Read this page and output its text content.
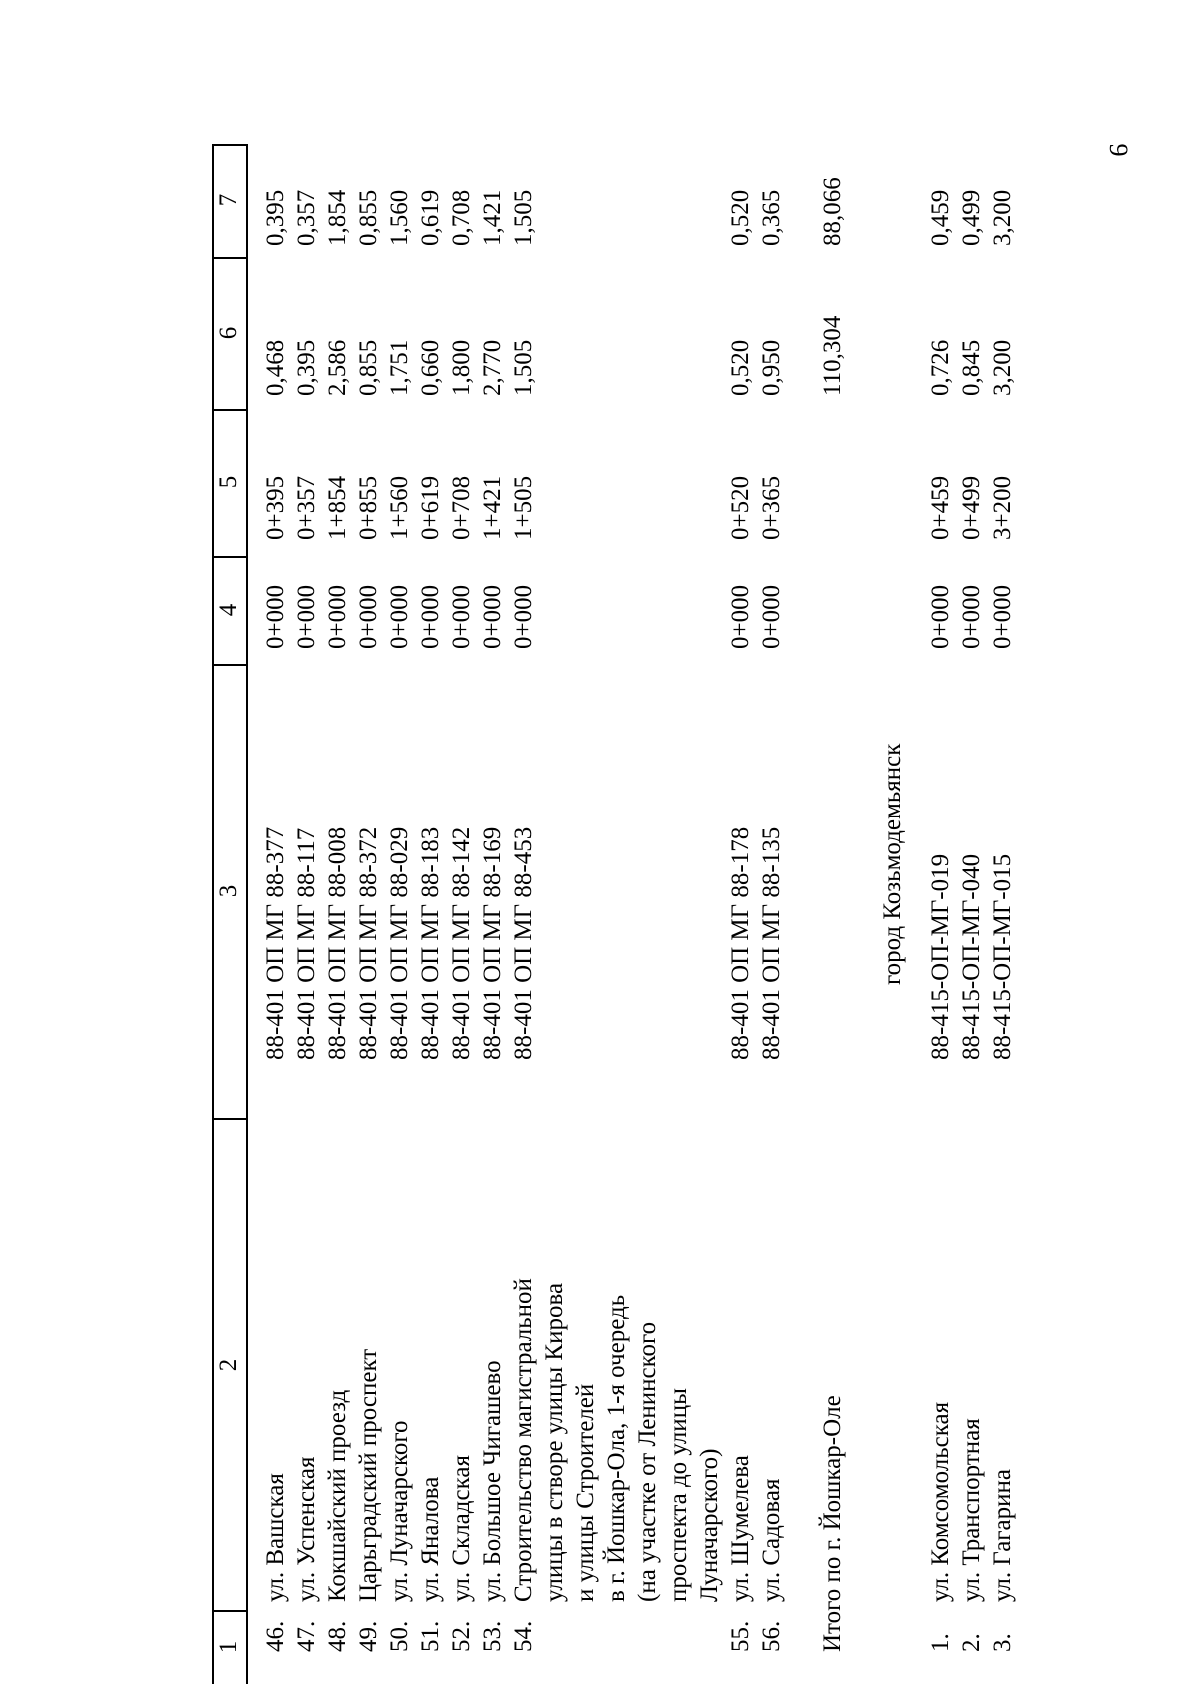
9
7
6
5
4
3
2
1 46.
ул. Вашская
88-401 ОП МГ 88-377
0+000
0+395
0,468
0,395
47.
ул. Успенская
88-401 ОП МГ 88-117
0+000
0+357
0,395
0,357
48.
Кокшайский проезд
88-401 ОП МГ 88-008
0+000
1+854
2,586
1,854
49.
Царьградский проспект
88-401 ОП МГ 88-372
0+000
0+855
0,855
0,855
50.
ул. Луначарского
88-401 ОП МГ 88-029
0+000
1+560
1,751
1,560
51.
ул. Яналова
88-401 ОП МГ 88-183
0+000
0+619
0,660
0,619
52.
ул. Складская
88-401 ОП МГ 88-142
0+000
0+708
1,800
0,708
53.
ул. Большое Чигашево
88-401 ОП МГ 88-169
0+000
1+421
2,770
1,421
54.
Строительство магистральной улицы в створе улицы Кирова и улицы Строителей в г. Йошкар-Ола, 1-я очередь (на участке от Ленинского проспекта до улицы Луначарского)
88-401 ОП МГ 88-453
0+000
1+505
1,505
1,505
55.
ул. Шумелева
88-401 ОП МГ 88-178
0+000
0+520
0,520
0,520
56.
ул. Садовая
88-401 ОП МГ 88-135
0+000
0+365
0,950
0,365
Итого по г. Йошкар-Оле
110,304
88,066
город Козьмодемьянск
1.
ул. Комсомольская
88-415-ОП-МГ-019
0+000
0+459
0,726
0,459
2.
ул. Транспортная
88-415-ОП-МГ-040
0+000
0+499
0,845
0,499
3.
ул. Гагарина
88-415-ОП-МГ-015
0+000
3+200
3,200
3,200
